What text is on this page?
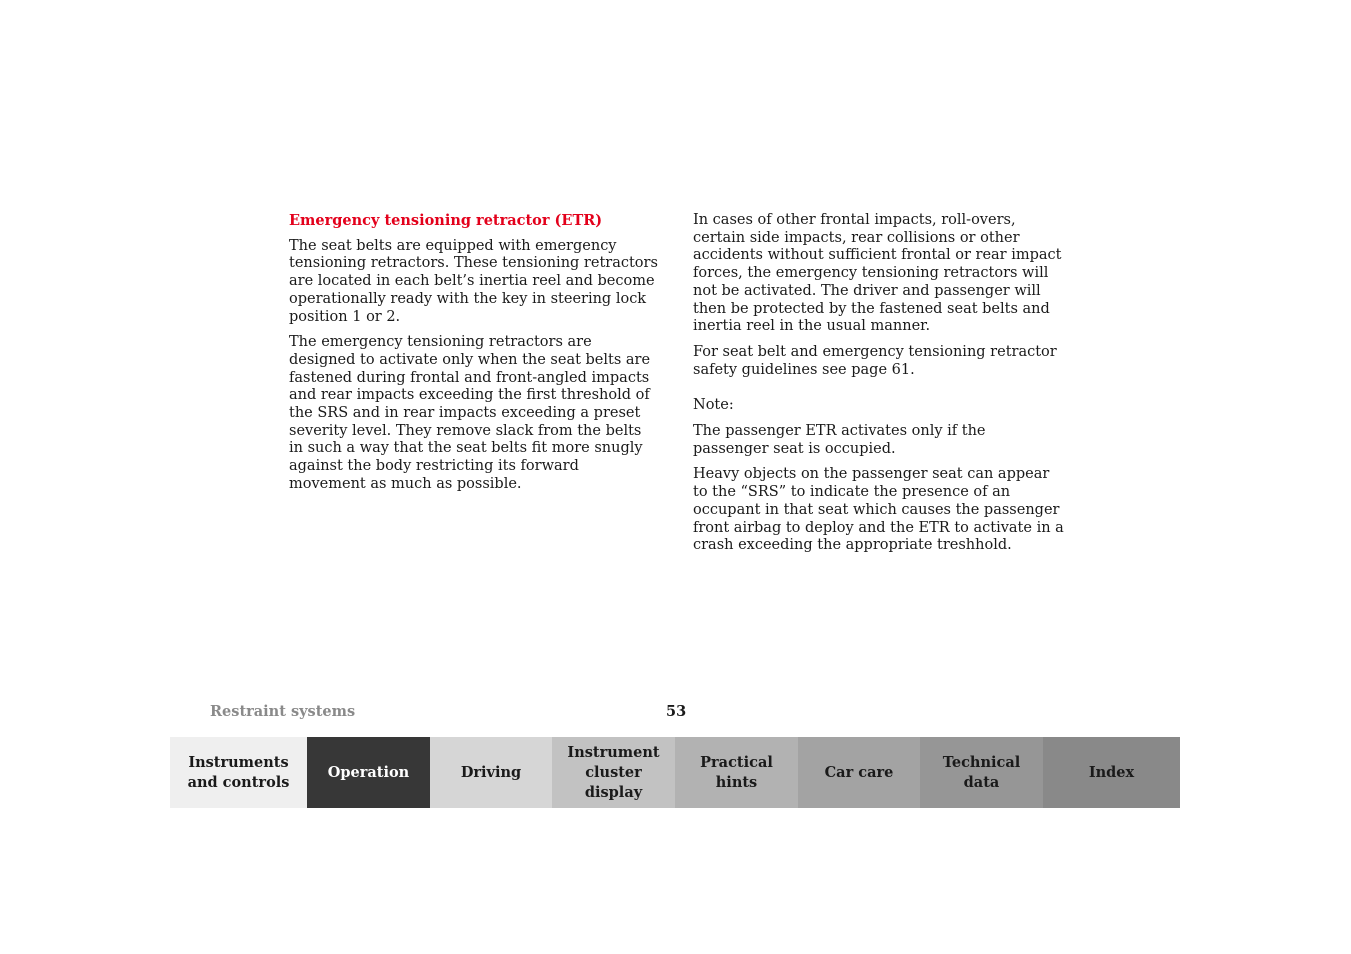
Emergency tensioning retractor (ETR)

The seat belts are equipped with emergency tensioning retractors. These tensioning retractors are located in each belt’s inertia reel and become operationally ready with the key in steering lock position 1 or 2.

The emergency tensioning retractors are designed to activate only when the seat belts are fastened during frontal and front-angled impacts and rear impacts exceeding the first threshold of the SRS and in rear impacts exceeding a preset severity level. They remove slack from the belts in such a way that the seat belts fit more snugly against the body restricting its forward movement as much as possible.

In cases of other frontal impacts, roll-overs, certain side impacts, rear collisions or other accidents without sufficient frontal or rear impact forces, the emergency tensioning retractors will not be activated. The driver and passenger will then be protected by the fastened seat belts and inertia reel in the usual manner.

For seat belt and emergency tensioning retractor safety guidelines see page 61.

Note:

The passenger ETR activates only if the passenger seat is occupied.

Heavy objects on the passenger seat can appear to the “SRS” to indicate the presence of an occupant in that seat which causes the passenger front airbag to deploy and the ETR to activate in a crash exceeding the appropriate treshhold.

Restraint systems	53
Instruments
and controls
Operation	Driving
Instrument
cluster display
Practical hints
Car care
Technical
data
Index
